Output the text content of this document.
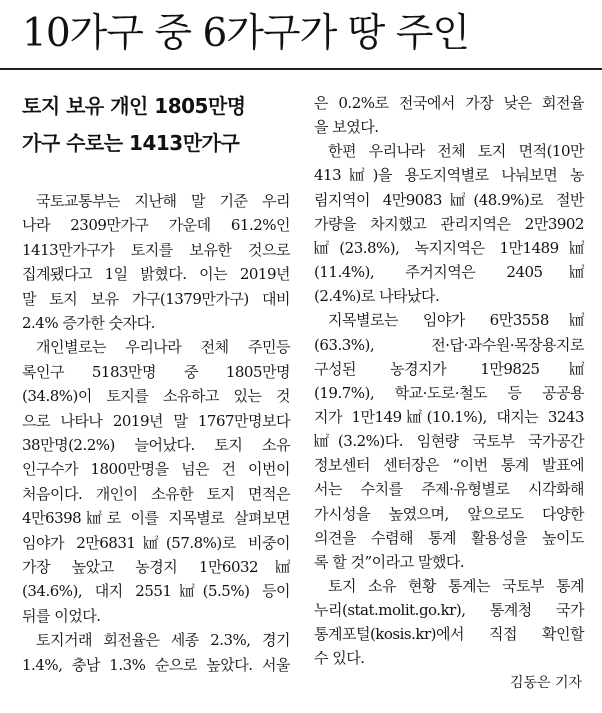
10가구 중 6가구가 땅 주인
토지 보유 개인 1805만명
가구 수로는 1413만가구
국토교통부는 지난해 말 기준 우리
나라 2309만가구 가운데 61.2%인
1413만가구가 토지를 보유한 것으로
집계됐다고 1일 밝혔다. 이는 2019년
말 토지 보유 가구(1379만가구) 대비
2.4% 증가한 숫자다.
개인별로는 우리나라 전체 주민등
록인구 5183만명 중 1805만명
(34.8%)이 토지를 소유하고 있는 것
으로 나타나 2019년 말 1767만명보다
38만명(2.2%) 늘어났다. 토지 소유
인구수가 1800만명을 넘은 건 이번이
처음이다. 개인이 소유한 토지 면적은
4만6398㎢로 이를 지목별로 살펴보면
임야가 2만6831㎢(57.8%)로 비중이
가장 높았고 농경지 1만6032㎢
(34.6%), 대지 2551㎢(5.5%) 등이
뒤를 이었다.
토지거래 회전율은 세종 2.3%, 경기
1.4%, 충남 1.3% 순으로 높았다. 서울
은 0.2%로 전국에서 가장 낮은 회전율
을 보였다.
한편 우리나라 전체 토지 면적(10만
413㎢)을 용도지역별로 나눠보면 농
림지역이 4만9083㎢(48.9%)로 절반
가량을 차지했고 관리지역은 2만3902
㎢(23.8%), 녹지지역은 1만1489㎢
(11.4%), 주거지역은 2405㎢
(2.4%)로 나타났다.
지목별로는 임야가 6만3558㎢
(63.3%), 전·답·과수원·목장용지로
구성된 농경지가 1만9825㎢
(19.7%), 학교·도로·철도 등 공공용
지가 1만149㎢(10.1%), 대지는 3243
㎢(3.2%)다. 임현량 국토부 국가공간
정보센터 센터장은 “이번 통계 발표에
서는 수치를 주제·유형별로 시각화해
가시성을 높였으며, 앞으로도 다양한
의견을 수렴해 통계 활용성을 높이도
록 할 것”이라고 말했다.
토지 소유 현황 통계는 국토부 통계
누리(stat.molit.go.kr), 통계청 국가
통계포털(kosis.kr)에서 직접 확인할
수 있다.
김동은 기자
